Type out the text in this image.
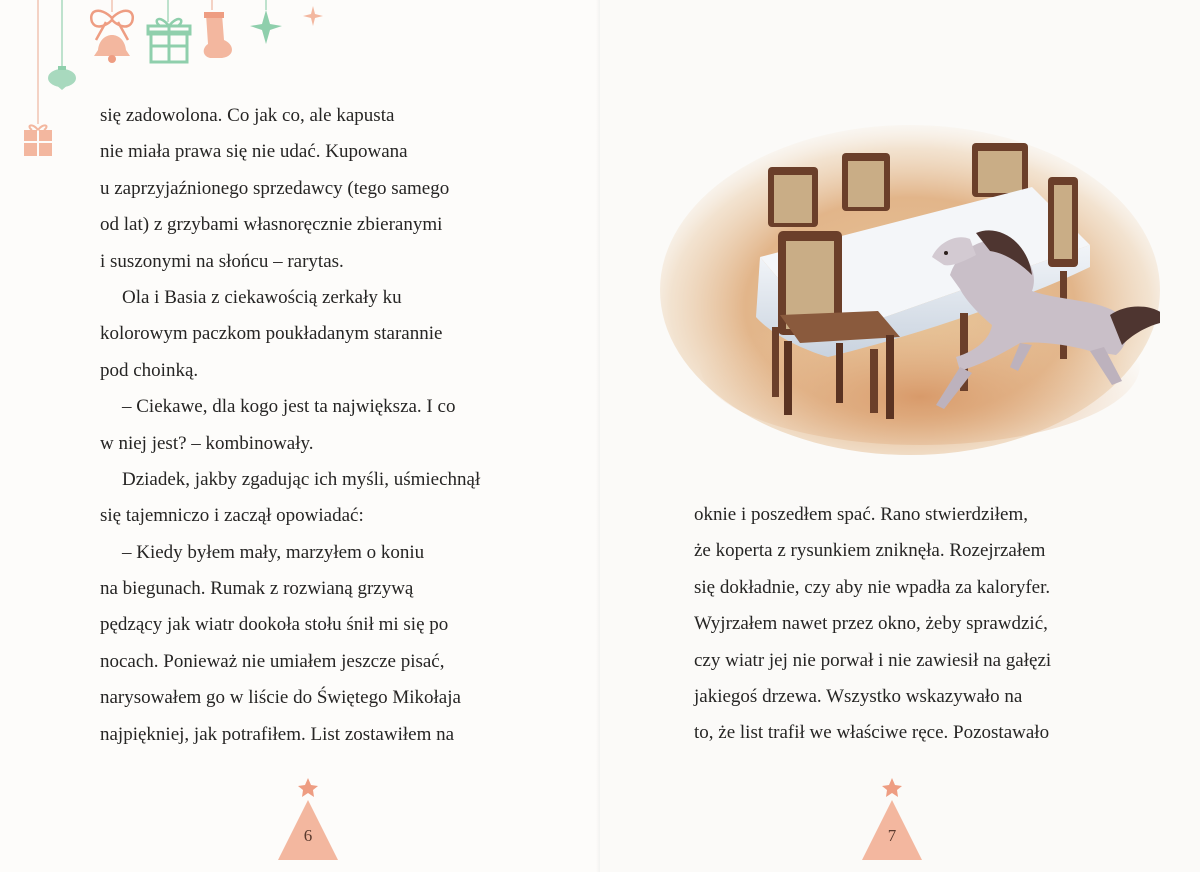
się zadowolona. Co jak co, ale kapusta
nie miała prawa się nie udać. Kupowana
u zaprzyjaźnionego sprzedawcy (tego samego
od lat) z grzybami własnoręcznie zbieranymi
i suszonymi na słońcu – rarytas.
Ola i Basia z ciekawością zerkały ku
kolorowym paczkom poukładanym starannie
pod choinką.
– Ciekawe, dla kogo jest ta największa. I co
w niej jest? – kombinowały.
Dziadek, jakby zgadując ich myśli, uśmiechnął
się tajemniczo i zaczął opowiadać:
– Kiedy byłem mały, marzyłem o koniu
na biegunach. Rumak z rozwianą grzywą
pędzący jak wiatr dookoła stołu śnił mi się po
nocach. Ponieważ nie umiałem jeszcze pisać,
narysowałem go w liście do Świętego Mikołaja
najpiękniej, jak potrafiłem. List zostawiłem na
6
oknie i poszedłem spać. Rano stwierdziłem,
że koperta z rysunkiem zniknęła. Rozejrzałem
się dokładnie, czy aby nie wpadła za kaloryfer.
Wyjrzałem nawet przez okno, żeby sprawdzić,
czy wiatr jej nie porwał i nie zawiesił na gałęzi
jakiegoś drzewa. Wszystko wskazywało na
to, że list trafił we właściwe ręce. Pozostawało
7
